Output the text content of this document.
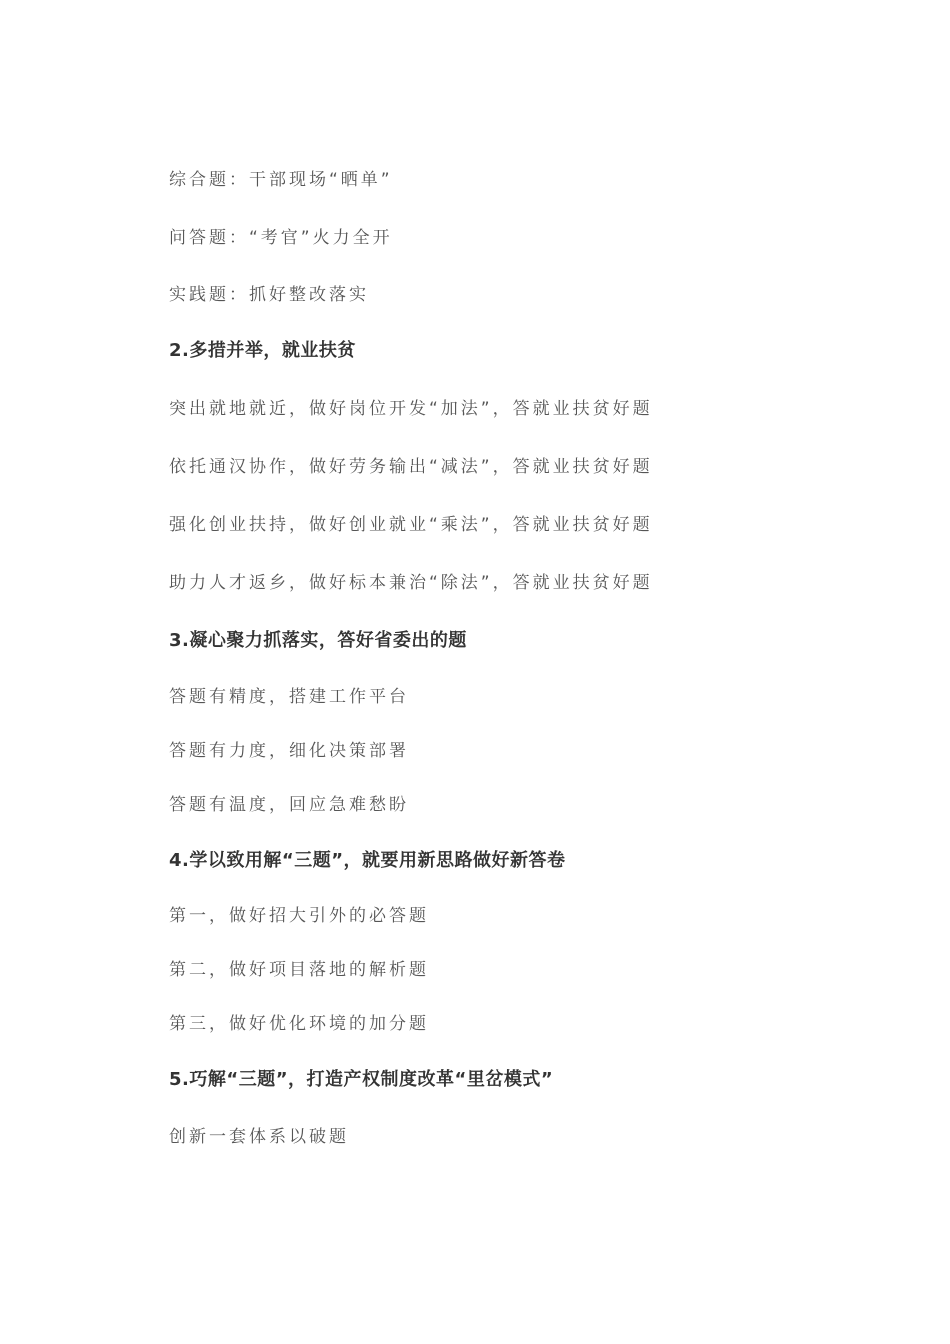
综合题：干部现场“晒单”
问答题：“考官”火力全开
实践题：抓好整改落实
2.多措并举，就业扶贫
突出就地就近，做好岗位开发“加法”，答就业扶贫好题
依托通汉协作，做好劳务输出“减法”，答就业扶贫好题
强化创业扶持，做好创业就业“乘法”，答就业扶贫好题
助力人才返乡，做好标本兼治“除法”，答就业扶贫好题
3.凝心聚力抓落实，答好省委出的题
答题有精度，搭建工作平台
答题有力度，细化决策部署
答题有温度，回应急难愁盼
4.学以致用解“三题”，就要用新思路做好新答卷
第一，做好招大引外的必答题
第二，做好项目落地的解析题
第三，做好优化环境的加分题
5.巧解“三题”，打造产权制度改革“里岔模式”
创新一套体系以破题
